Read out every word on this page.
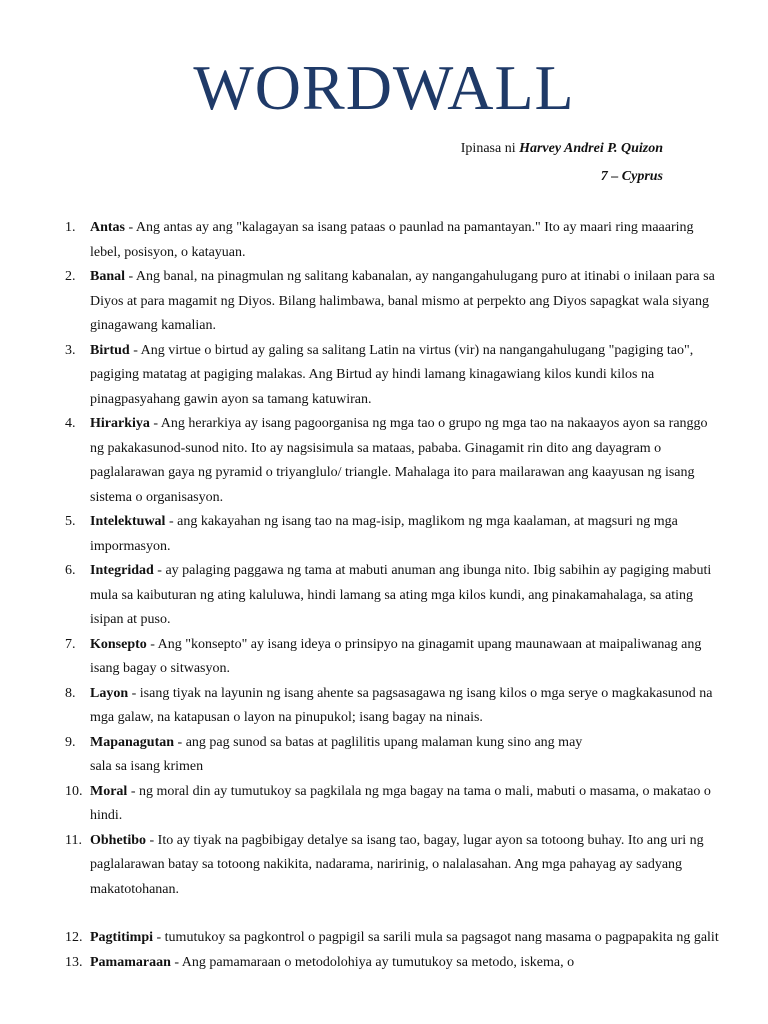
WORDWALL
Ipinasa ni Harvey Andrei P. Quizon
7 – Cyprus
1. Antas - Ang antas ay ang "kalagayan sa isang pataas o paunlad na pamantayan." Ito ay maari ring maaaring lebel, posisyon, o katayuan.
2. Banal - Ang banal, na pinagmulan ng salitang kabanalan, ay nangangahulugang puro at itinabi o inilaan para sa Diyos at para magamit ng Diyos. Bilang halimbawa, banal mismo at perpekto ang Diyos sapagkat wala siyang ginagawang kamalian.
3. Birtud - Ang virtue o birtud ay galing sa salitang Latin na virtus (vir) na nangangahulugang "pagiging tao", pagiging matatag at pagiging malakas. Ang Birtud ay hindi lamang kinagawiang kilos kundi kilos na pinagpasyahang gawin ayon sa tamang katuwiran.
4. Hirarkiya - Ang herarkiya ay isang pagoorganisa ng mga tao o grupo ng mga tao na nakaayos ayon sa ranggo ng pakakasunod-sunod nito. Ito ay nagsisimula sa mataas, pababa. Ginagamit rin dito ang dayagram o paglalarawan gaya ng pyramid o triyanglulo/ triangle. Mahalaga ito para mailarawan ang kaayusan ng isang sistema o organisasyon.
5. Intelektuwal - ang kakayahan ng isang tao na mag-isip, maglikom ng mga kaalaman, at magsuri ng mga impormasyon.
6. Integridad - ay palaging paggawa ng tama at mabuti anuman ang ibunga nito. Ibig sabihin ay pagiging mabuti mula sa kaibuturan ng ating kaluluwa, hindi lamang sa ating mga kilos kundi, ang pinakamahalaga, sa ating isipan at puso.
7. Konsepto - Ang "konsepto" ay isang ideya o prinsipyo na ginagamit upang maunawaan at maipaliwanag ang isang bagay o sitwasyon.
8. Layon - isang tiyak na layunin ng isang ahente sa pagsasagawa ng isang kilos o mga serye o magkakasunod na mga galaw, na katapusan o layon na pinupukol; isang bagay na ninais.
9. Mapanagutan - ang pag sunod sa batas at paglilitis upang malaman kung sino ang may
sala sa isang krimen
10. Moral - ng moral din ay tumutukoy sa pagkilala ng mga bagay na tama o mali, mabuti o masama, o makatao o hindi.
11. Obhetibo - Ito ay tiyak na pagbibigay detalye sa isang tao, bagay, lugar ayon sa totoong buhay. Ito ang uri ng paglalarawan batay sa totoong nakikita, nadarama, naririnig, o nalalasahan. Ang mga pahayag ay sadyang makatotohanan.
12. Pagtitimpi - tumutukoy sa pagkontrol o pagpigil sa sarili mula sa pagsagot nang masama o pagpapakita ng galit
13. Pamamaraan - Ang pamamaraan o metodolohiya ay tumutukoy sa metodo, iskema, o
